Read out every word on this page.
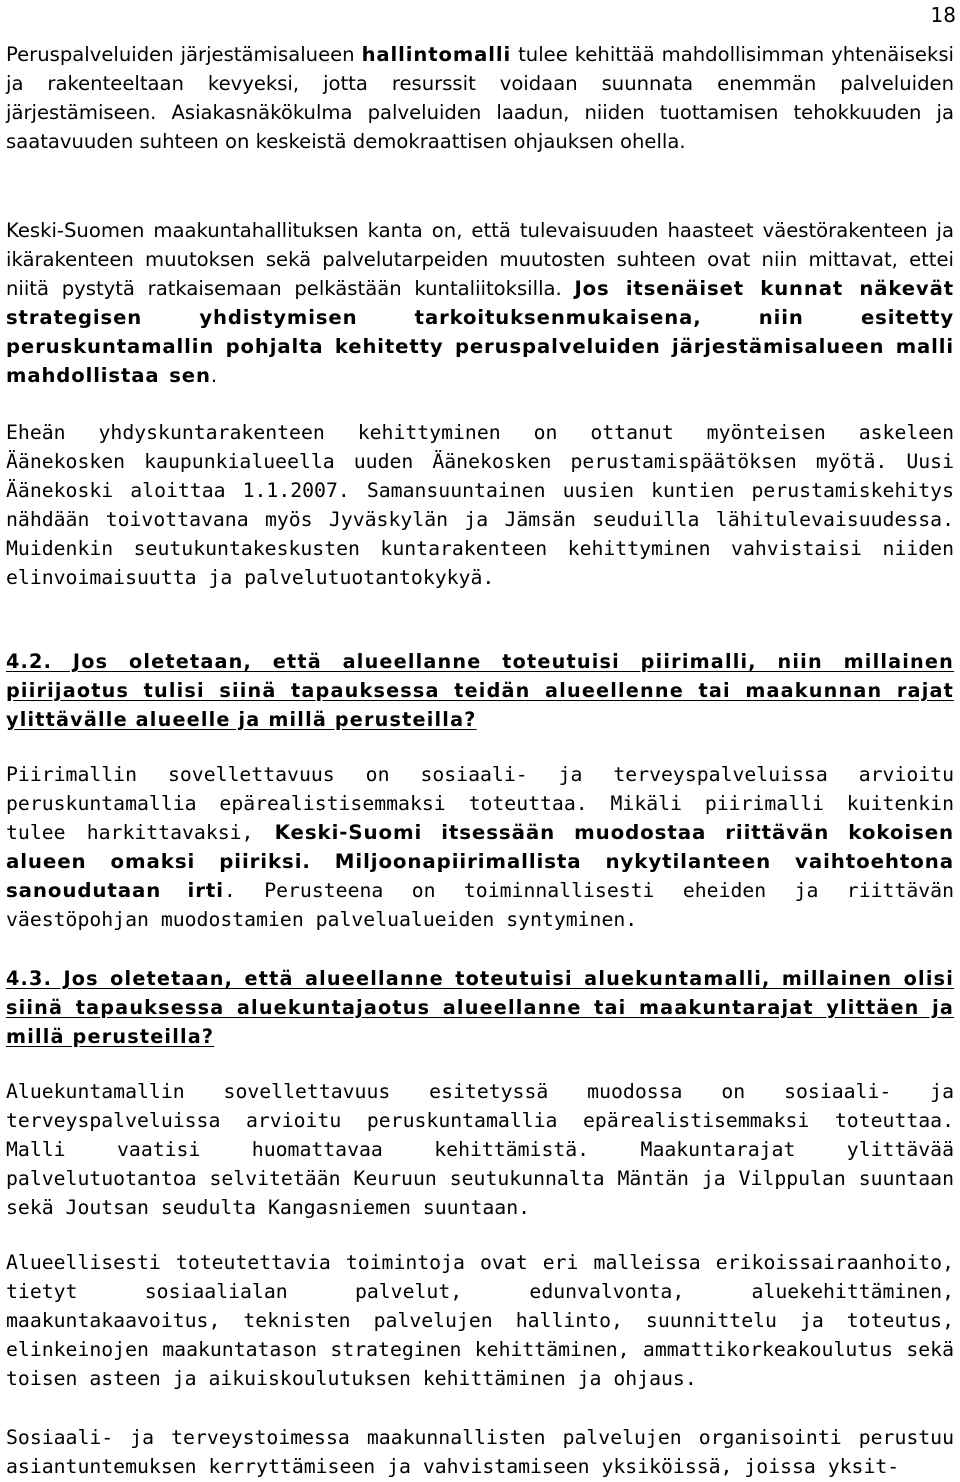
18

Peruspalveluiden järjestämisalueen hallintomalli tulee kehittää mahdollisimman yhtenäiseksi ja rakenteeltaan kevyeksi, jotta resurssit voidaan suunnata enemmän palveluiden järjestämiseen. Asiakasnäkökulma palveluiden laadun, niiden tuottamisen tehokkuuden ja saatavuuden suhteen on keskeistä demokraattisen ohjauksen ohella.

Keski-Suomen maakuntahallituksen kanta on, että tulevaisuuden haasteet väestörakenteen ja ikärakenteen muutoksen sekä palvelutarpeiden muutosten suhteen ovat niin mittavat, ettei niitä pystytä ratkaisemaan pelkästään kuntaliitoksilla. Jos itsenäiset kunnat näkevät strategisen yhdistymisen tarkoituksenmukaisena, niin esitetty peruskuntamallin pohjalta kehitetty peruspalveluiden järjestämisalueen malli mahdollistaa sen.

Eheän yhdyskuntarakenteen kehittyminen on ottanut myönteisen askeleen Äänekosken kaupunkialueella uuden Äänekosken perustamispäätöksen myötä. Uusi Äänekoski aloittaa 1.1.2007. Samansuuntainen uusien kuntien perustamiskehitys nähdään toivottavana myös Jyväskylän ja Jämsän seuduilla lähitulevaisuudessa. Muidenkin seutukuntakeskusten kuntarakenteen kehittyminen vahvistaisi niiden elinvoimaisuutta ja palvelutuotantokykyä.

4.2. Jos oletetaan, että alueellanne toteutuisi piirimalli, niin millainen piirijaotus tulisi siinä tapauksessa teidän alueellenne tai maakunnan rajat ylittävälle alueelle ja millä perusteilla?

Piirimallin sovellettavuus on sosiaali- ja terveyspalveluissa arvioitu peruskuntamallia epärealistisemmaksi toteuttaa. Mikäli piirimalli kuitenkin tulee harkittavaksi, Keski-Suomi itsessään muodostaa riittävän kokoisen alueen omaksi piiriksi. Miljoonapiirimallista nykytilanteen vaihtoehtona sanoudutaan irti. Perusteena on toiminnallisesti eheiden ja riittävän väestöpohjan muodostamien palvelualueiden syntyminen.

4.3. Jos oletetaan, että alueellanne toteutuisi aluekuntamalli, millainen olisi siinä tapauksessa aluekuntajaotus alueellanne tai maakuntarajat ylittäen ja millä perusteilla?

Aluekuntamallin sovellettavuus esitetyssä muodossa on sosiaali- ja terveyspalveluissa arvioitu peruskuntamallia epärealistisemmaksi toteuttaa. Malli vaatisi huomattavaa kehittämistä. Maakuntarajat ylittävää palvelutuotantoa selvitetään Keuruun seutukunnalta Mäntän ja Vilppulan suuntaan sekä Joutsan seudulta Kangasniemen suuntaan.

Alueellisesti toteutettavia toimintoja ovat eri malleissa erikoissairaanhoito, tietyt sosiaalialan palvelut, edunvalvonta, aluekehittäminen, maakuntakaavoitus, teknisten palvelujen hallinto, suunnittelu ja toteutus, elinkeinojen maakuntatason strateginen kehittäminen, ammattikorkeakoulutus sekä toisen asteen ja aikuiskoulutuksen kehittäminen ja ohjaus.

Sosiaali- ja terveystoimessa maakunnallisten palvelujen organisointi perustuu asiantuntemuksen kerryttämiseen ja vahvistamiseen yksiköissä, joissa yksit-
